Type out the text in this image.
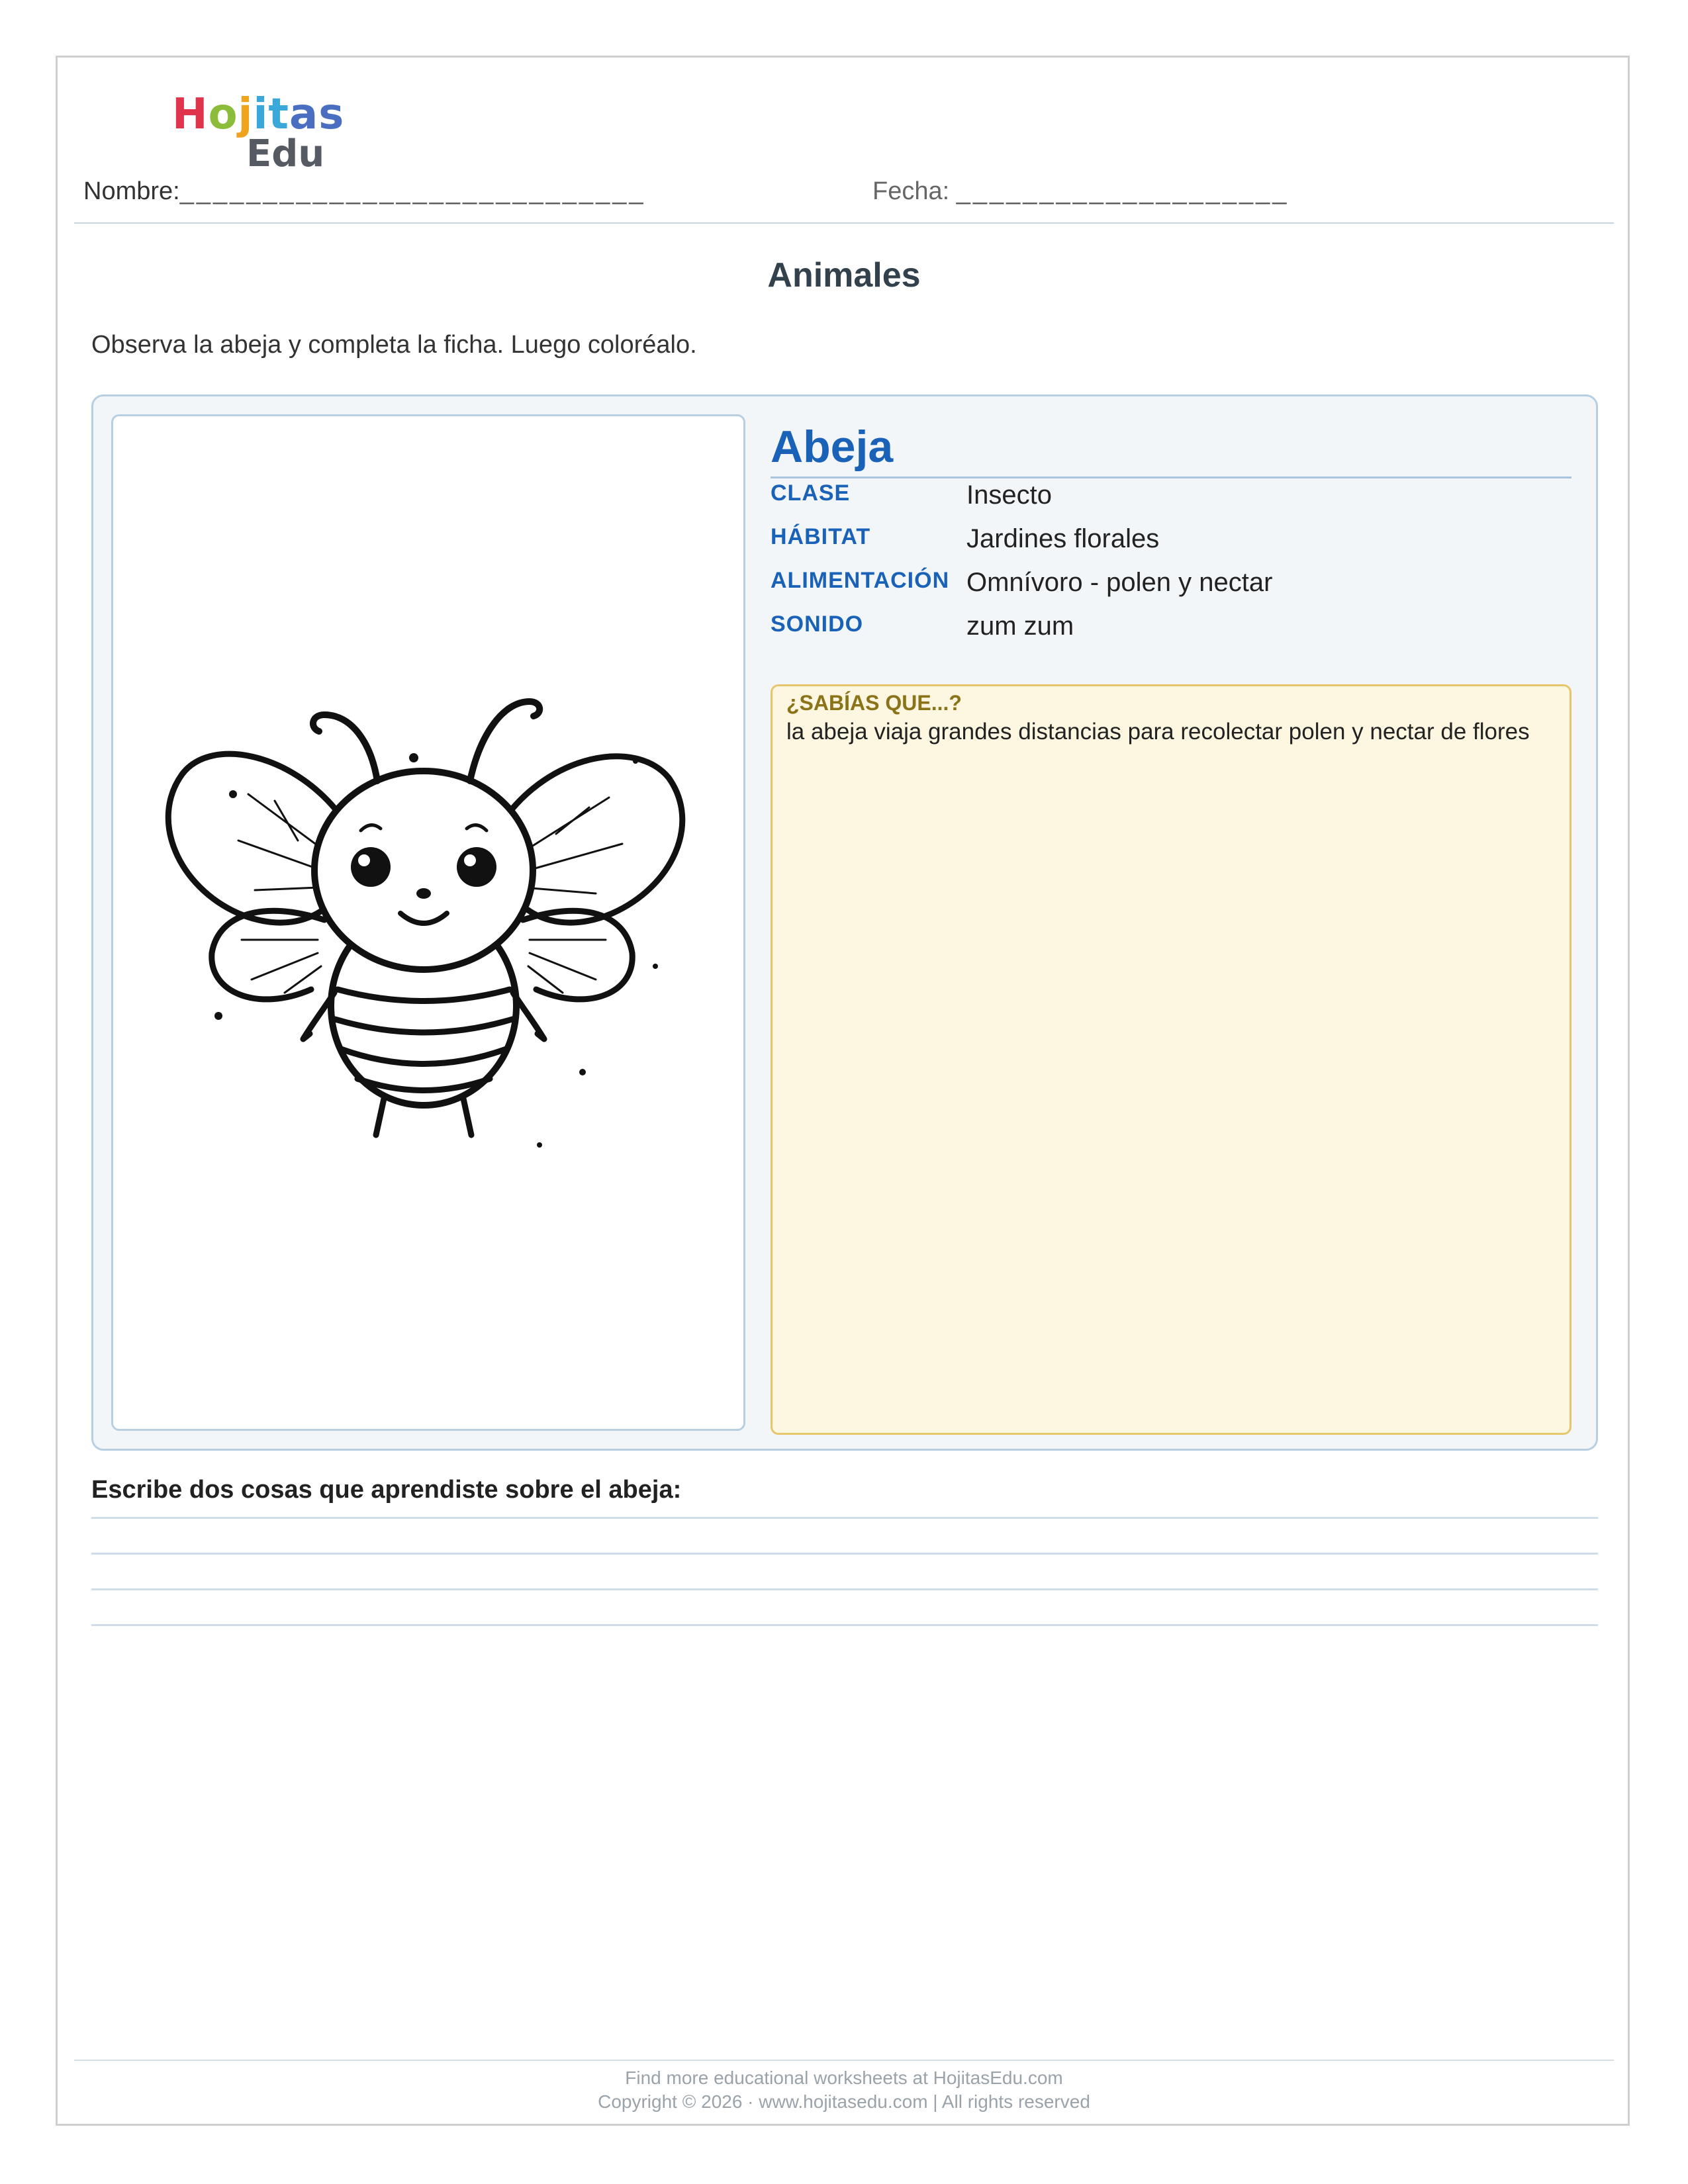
Hojitas
Edu
Nombre:____________________________	Fecha: ____________________
Animales
Observa la abeja y completa la ficha. Luego coloréalo.
Abeja
CLASE	Insecto
HÁBITAT	Jardines florales
ALIMENTACIÓN Omnívoro - polen y nectar
SONIDO	zum zum
¿SABÍAS QUE...?
la abeja viaja grandes distancias para recolectar polen y nectar de flores
Escribe dos cosas que aprendiste sobre el abeja:
Find more educational worksheets at HojitasEdu.com
Copyright © 2026 · www.hojitasedu.com | All rights reserved
